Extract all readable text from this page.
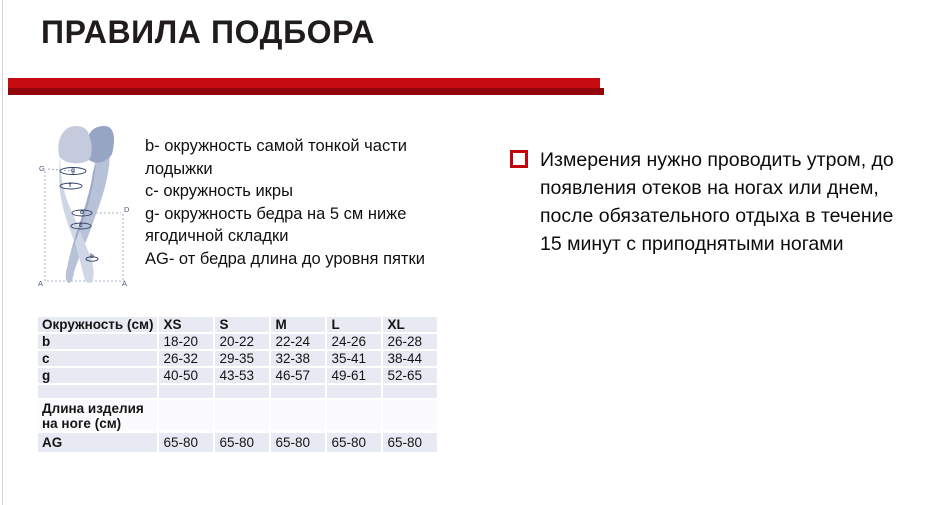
ПРАВИЛА ПОДБОРА
g
f
d
c
b
G
D
A	A
b- окружность самой тонкой части лодыжки
c- окружность икры
g- окружность бедра на 5 см ниже ягодичной складки
AG- от бедра длина до уровня пятки
Измерения нужно проводить утром, до появления отеков на ногах или днем, после обязательного отдыха в течение 15 минут с приподнятыми ногами
Окружность (см)	XS	S	M	L	XL
b	18-20	20-22	22-24	24-26	26-28
c	26-32	29-35	32-38	35-41	38-44
g	40-50	43-53	46-57	49-61	52-65

Длина изделия на ноге (см)					
AG	65-80	65-80	65-80	65-80	65-80
